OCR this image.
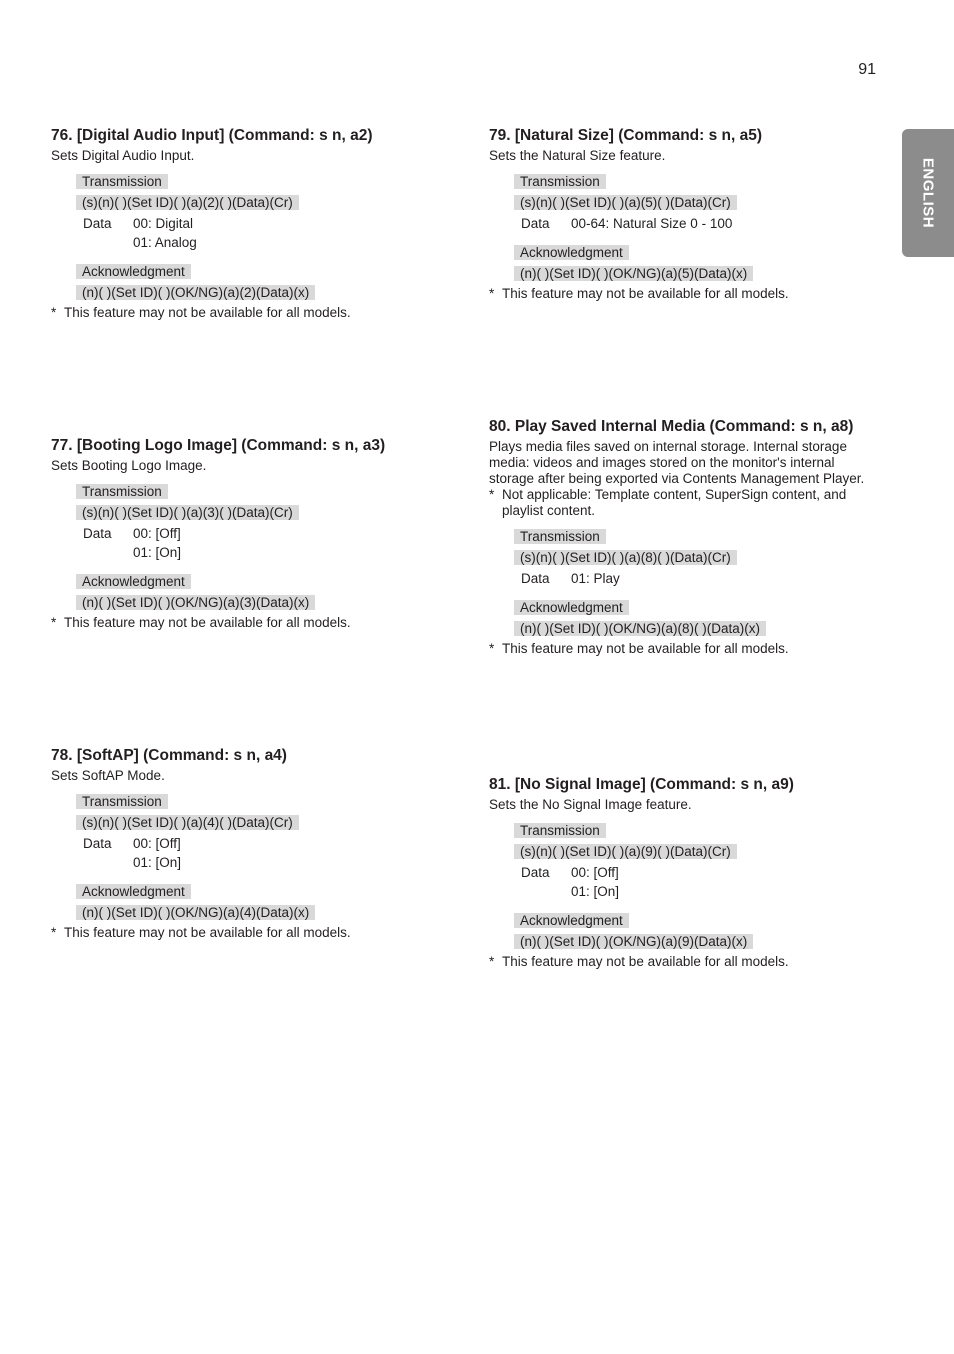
91
ENGLISH
76. [Digital Audio Input] (Command: s n, a2)

Sets Digital Audio Input.

Transmission
(s)(n)( )(Set ID)( )(a)(2)( )(Data)(Cr)
Data	00: Digital
01: Analog
Acknowledgment
(n)( )(Set ID)( )(OK/NG)(a)(2)(Data)(x)

* This feature may not be available for all models.

77. [Booting Logo Image] (Command: s n, a3)

Sets Booting Logo Image.

Transmission
(s)(n)( )(Set ID)( )(a)(3)( )(Data)(Cr)
Data	00: [Off]
01: [On]
Acknowledgment
(n)( )(Set ID)( )(OK/NG)(a)(3)(Data)(x)

* This feature may not be available for all models.

78. [SoftAP] (Command: s n, a4)

Sets SoftAP Mode.

Transmission
(s)(n)( )(Set ID)( )(a)(4)( )(Data)(Cr)
Data	00: [Off]
01: [On]
Acknowledgment
(n)( )(Set ID)( )(OK/NG)(a)(4)(Data)(x)

* This feature may not be available for all models.

79. [Natural Size] (Command: s n, a5)

Sets the Natural Size feature.

Transmission
(s)(n)( )(Set ID)( )(a)(5)( )(Data)(Cr)
Data	00-64: Natural Size 0 - 100
Acknowledgment
(n)( )(Set ID)( )(OK/NG)(a)(5)(Data)(x)

* This feature may not be available for all models.

80. Play Saved Internal Media (Command: s n, a8)

Plays media files saved on internal storage. Internal storage media: videos and images stored on the monitor's internal storage after being exported via Contents Management Player.

* Not applicable: Template content, SuperSign content, and playlist content.

Transmission
(s)(n)( )(Set ID)( )(a)(8)( )(Data)(Cr)
Data	01: Play
Acknowledgment
(n)( )(Set ID)( )(OK/NG)(a)(8)( )(Data)(x)

* This feature may not be available for all models.

81. [No Signal Image] (Command: s n, a9)

Sets the No Signal Image feature.

Transmission
(s)(n)( )(Set ID)( )(a)(9)( )(Data)(Cr)
Data	00: [Off]
01: [On]
Acknowledgment
(n)( )(Set ID)( )(OK/NG)(a)(9)(Data)(x)

* This feature may not be available for all models.
